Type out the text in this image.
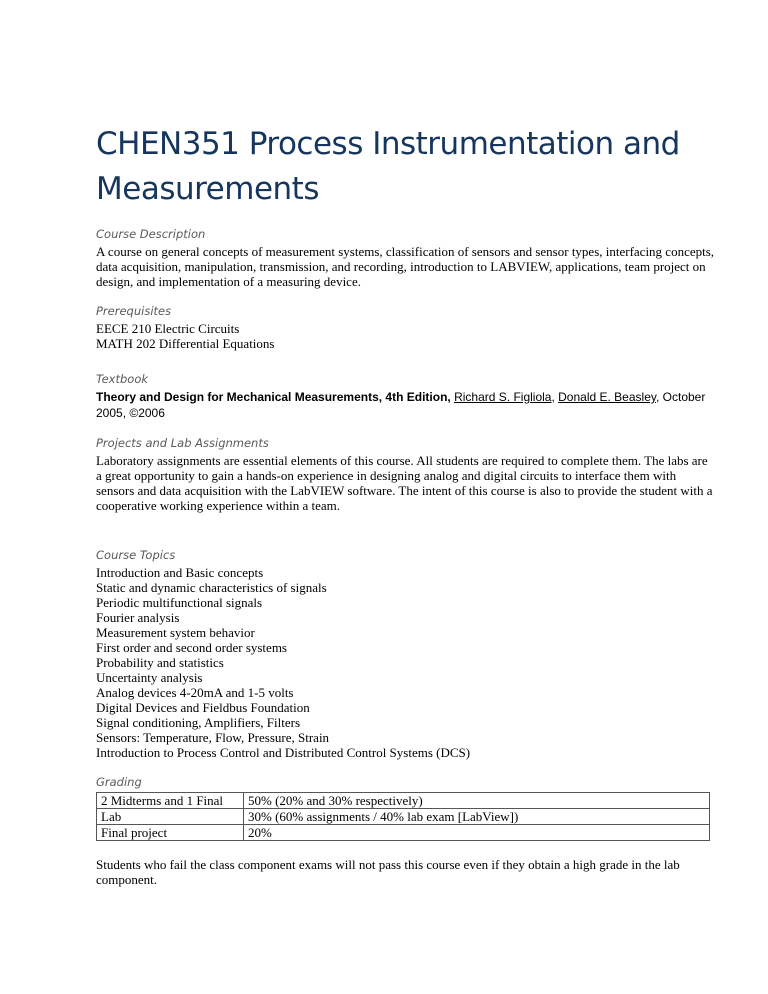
CHEN351 Process Instrumentation and Measurements
Course Description
A course on general concepts of measurement systems, classification of sensors and sensor types, interfacing concepts, data acquisition, manipulation, transmission, and recording, introduction to LABVIEW, applications, team project on design, and implementation of a measuring device.
Prerequisites
EECE 210 Electric Circuits
MATH 202 Differential Equations
Textbook
Theory and Design for Mechanical Measurements, 4th Edition, Richard S. Figliola, Donald E. Beasley, October 2005, ©2006
Projects and Lab Assignments
Laboratory assignments are essential elements of this course. All students are required to complete them. The labs are a great opportunity to gain a hands-on experience in designing analog and digital circuits to interface them with sensors and data acquisition with the LabVIEW software. The intent of this course is also to provide the student with a cooperative working experience within a team.
Course Topics
Introduction and Basic concepts
Static and dynamic characteristics of signals
Periodic multifunctional signals
Fourier analysis
Measurement system behavior
First order and second order systems
Probability and statistics
Uncertainty analysis
Analog devices 4-20mA and 1-5 volts
Digital Devices and Fieldbus Foundation
Signal conditioning, Amplifiers, Filters
Sensors: Temperature, Flow, Pressure, Strain
Introduction to Process Control and Distributed Control Systems (DCS)
Grading
2 Midterms and 1 Final	50% (20% and 30% respectively)
Lab	30% (60% assignments / 40% lab exam [LabView])
Final project	20%
Students who fail the class component exams will not pass this course even if they obtain a high grade in the lab component.
